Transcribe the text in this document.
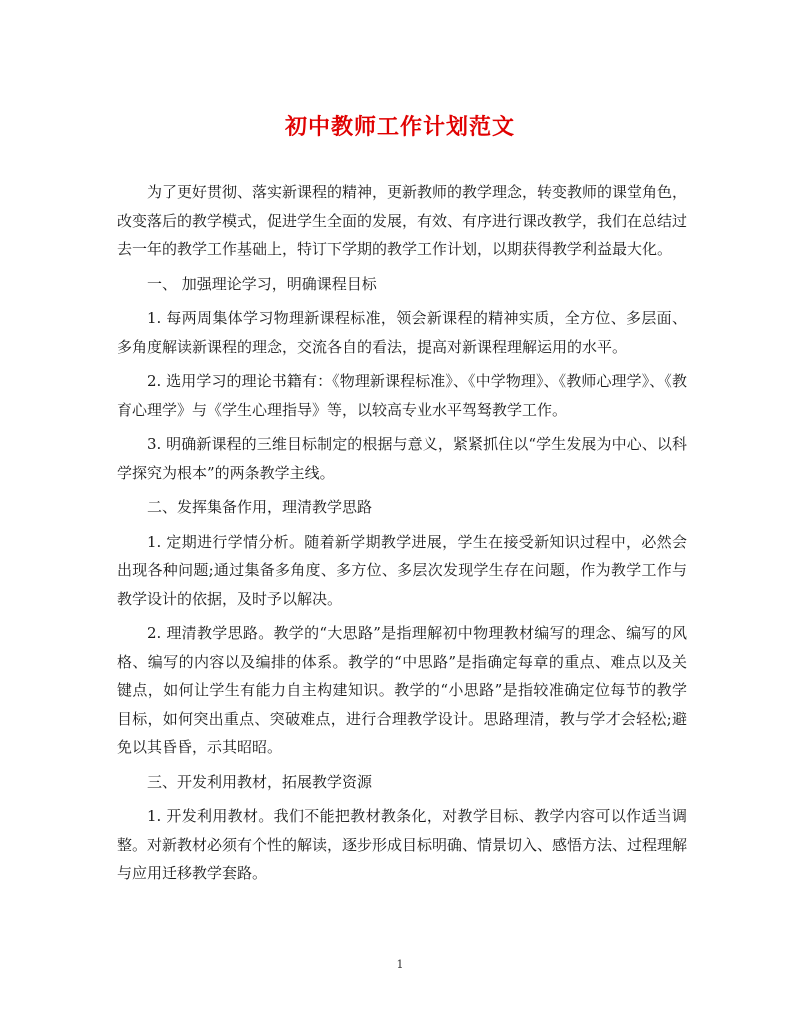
初中教师工作计划范文

为了更好贯彻、落实新课程的精神，更新教师的教学理念，转变教师的课堂角色，改变落后的教学模式，促进学生全面的发展，有效、有序进行课改教学，我们在总结过去一年的教学工作基础上，特订下学期的教学工作计划，以期获得教学利益最大化。

一、 加强理论学习，明确课程目标

1. 每两周集体学习物理新课程标准，领会新课程的精神实质，全方位、多层面、多角度解读新课程的理念，交流各自的看法，提高对新课程理解运用的水平。

2. 选用学习的理论书籍有：《物理新课程标准》、《中学物理》、《教师心理学》、《教育心理学》与《学生心理指导》等，以较高专业水平驾驽教学工作。

3. 明确新课程的三维目标制定的根据与意义，紧紧抓住以“学生发展为中心、以科学探究为根本”的两条教学主线。

二、发挥集备作用，理清教学思路

1. 定期进行学情分析。随着新学期教学进展，学生在接受新知识过程中，必然会出现各种问题;通过集备多角度、多方位、多层次发现学生存在问题，作为教学工作与教学设计的依据，及时予以解决。

2. 理清教学思路。教学的“大思路”是指理解初中物理教材编写的理念、编写的风格、编写的内容以及编排的体系。教学的“中思路”是指确定每章的重点、难点以及关键点，如何让学生有能力自主构建知识。教学的“小思路”是指较准确定位每节的教学目标，如何突出重点、突破难点，进行合理教学设计。思路理清，教与学才会轻松;避免以其昏昏，示其昭昭。

三、开发利用教材，拓展教学资源

1. 开发利用教材。我们不能把教材教条化，对教学目标、教学内容可以作适当调整。对新教材必须有个性的解读，逐步形成目标明确、情景切入、感悟方法、过程理解与应用迁移教学套路。

1
